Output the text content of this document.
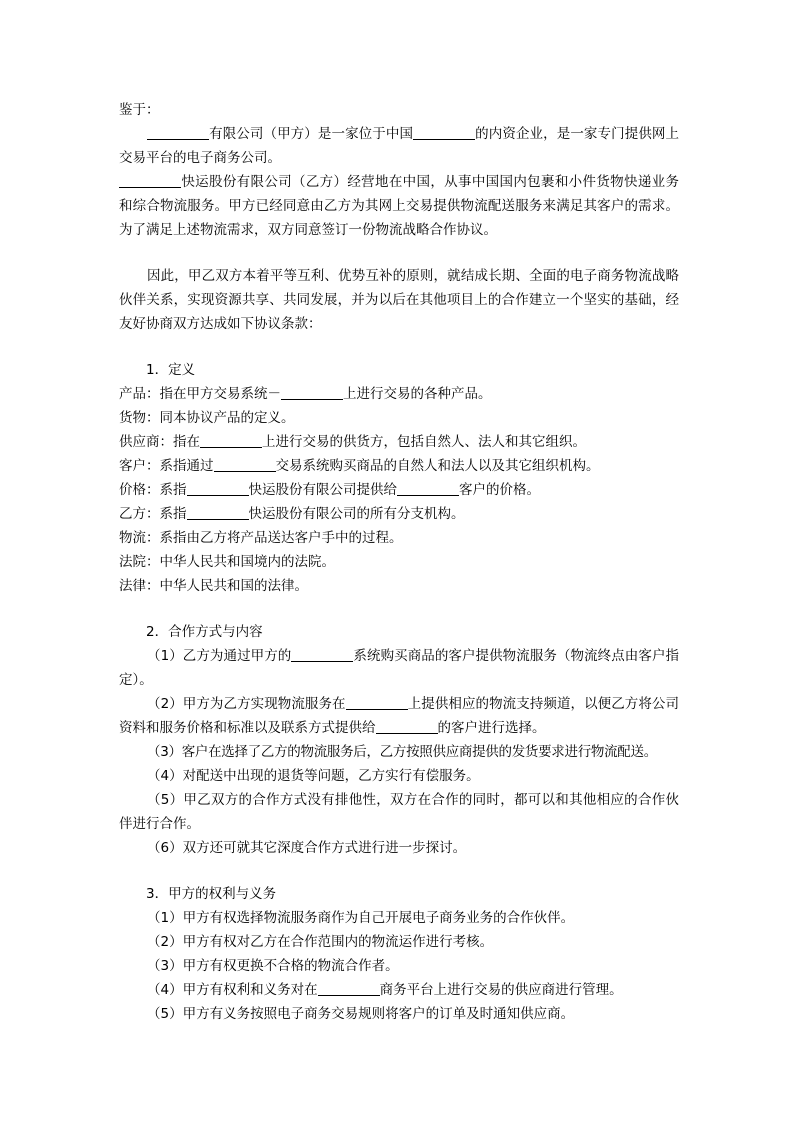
鉴于：

有限公司（甲方）是一家位于中国	的内资企业，是一家专门提供网上交易平台的电子商务公司。

快运股份有限公司（乙方）经营地在中国，从事中国国内包裹和小件货物快递业务和综合物流服务。甲方已经同意由乙方为其网上交易提供物流配送服务来满足其客户的需求。为了满足上述物流需求，双方同意签订一份物流战略合作协议。

因此，甲乙双方本着平等互利、优势互补的原则，就结成长期、全面的电子商务物流战略伙伴关系，实现资源共享、共同发展，并为以后在其他项目上的合作建立一个坚实的基础，经友好协商双方达成如下协议条款：

1．定义

产品：指在甲方交易系统－	上进行交易的各种产品。

货物：同本协议产品的定义。

供应商：指在	上进行交易的供货方，包括自然人、法人和其它组织。

客户：系指通过	交易系统购买商品的自然人和法人以及其它组织机构。

价格：系指	快运股份有限公司提供给	客户的价格。

乙方：系指	快运股份有限公司的所有分支机构。

物流：系指由乙方将产品送达客户手中的过程。

法院：中华人民共和国境内的法院。

法律：中华人民共和国的法律。

2．合作方式与内容

（1）乙方为通过甲方的	系统购买商品的客户提供物流服务（物流终点由客户指定）。

（2）甲方为乙方实现物流服务在	上提供相应的物流支持频道，以便乙方将公司资料和服务价格和标准以及联系方式提供给	的客户进行选择。

（3）客户在选择了乙方的物流服务后，乙方按照供应商提供的发货要求进行物流配送。

（4）对配送中出现的退货等问题，乙方实行有偿服务。

（5）甲乙双方的合作方式没有排他性，双方在合作的同时，都可以和其他相应的合作伙伴进行合作。

（6）双方还可就其它深度合作方式进行进一步探讨。

3．甲方的权利与义务

（1）甲方有权选择物流服务商作为自己开展电子商务业务的合作伙伴。

（2）甲方有权对乙方在合作范围内的物流运作进行考核。

（3）甲方有权更换不合格的物流合作者。

（4）甲方有权利和义务对在	商务平台上进行交易的供应商进行管理。

（5）甲方有义务按照电子商务交易规则将客户的订单及时通知供应商。
